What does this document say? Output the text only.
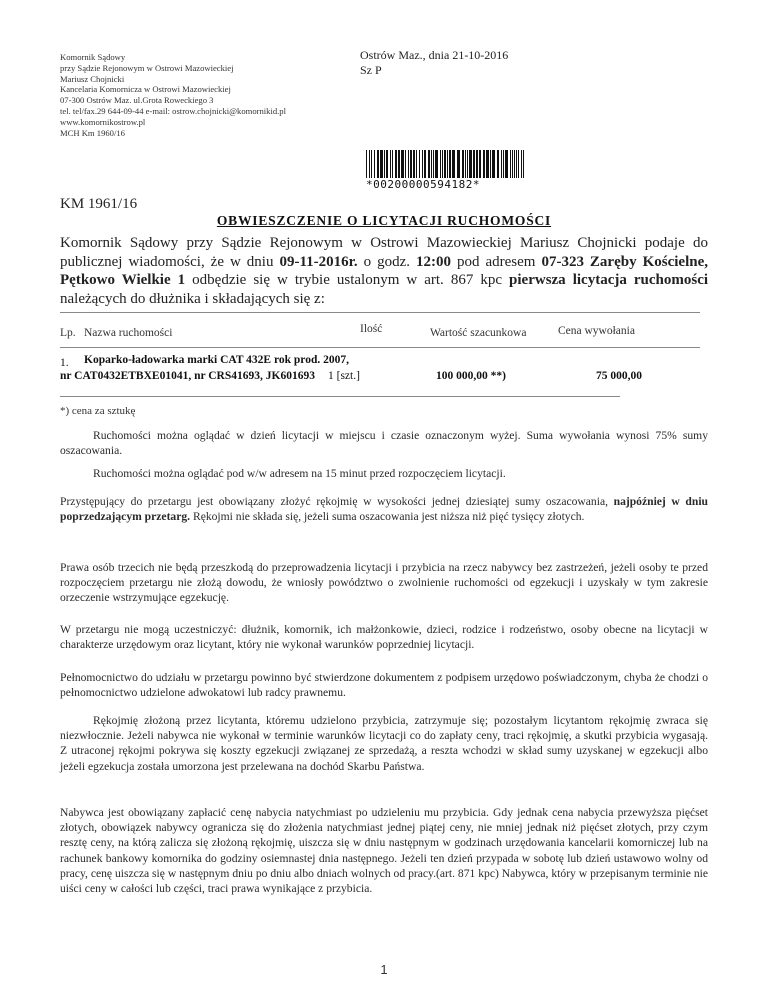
Komornik Sądowy
przy Sądzie Rejonowym w Ostrowi Mazowieckiej
Mariusz Chojnicki
Kancelaria Komornicza w Ostrowi Mazowieckiej
07-300 Ostrów Maz. ul.Grota Roweckiego 3
tel. tel/fax.29 644-09-44 e-mail: ostrow.chojnicki@komornikid.pl
www.komornikostrow.pl
MCH Km 1960/16
Ostrów Maz., dnia 21-10-2016
Sz P
*00200000594182*
KM 1961/16
OBWIESZCZENIE O LICYTACJI RUCHOMOŚCI
Komornik Sądowy przy Sądzie Rejonowym w Ostrowi Mazowieckiej Mariusz Chojnicki podaje do publicznej wiadomości, że w dniu 09-11-2016r. o godz. 12:00 pod adresem 07-323 Zaręby Kościelne, Pętkowo Wielkie 1 odbędzie się w trybie ustalonym w art. 867 kpc pierwsza licytacja ruchomości należących do dłużnika i składających się z:
Lp. Nazwa ruchomości	Ilość	Wartość szacunkowa	Cena wywołania
1. Koparko-ładowarka marki CAT 432E rok prod. 2007,
nr CAT0432ETBXE01041, nr CRS41693, JK601693 1 [szt.]	100 000,00 **)	75 000,00
*) cena za sztukę
Ruchomości można oglądać w dzień licytacji w miejscu i czasie oznaczonym wyżej. Suma wywołania wynosi 75% sumy oszacowania.
Ruchomości można oglądać pod w/w adresem na 15 minut przed rozpoczęciem licytacji.
Przystępujący do przetargu jest obowiązany złożyć rękojmię w wysokości jednej dziesiątej sumy oszacowania, najpóźniej w dniu poprzedzającym przetarg. Rękojmi nie składa się, jeżeli suma oszacowania jest niższa niż pięć tysięcy złotych.
Prawa osób trzecich nie będą przeszkodą do przeprowadzenia licytacji i przybicia na rzecz nabywcy bez zastrzeżeń, jeżeli osoby te przed rozpoczęciem przetargu nie złożą dowodu, że wniosły powództwo o zwolnienie ruchomości od egzekucji i uzyskały w tym zakresie orzeczenie wstrzymujące egzekucję.
W przetargu nie mogą uczestniczyć: dłużnik, komornik, ich małżonkowie, dzieci, rodzice i rodzeństwo, osoby obecne na licytacji w charakterze urzędowym oraz licytant, który nie wykonał warunków poprzedniej licytacji.
Pełnomocnictwo do udziału w przetargu powinno być stwierdzone dokumentem z podpisem urzędowo poświadczonym, chyba że chodzi o pełnomocnictwo udzielone adwokatowi lub radcy prawnemu.
Rękojmię złożoną przez licytanta, któremu udzielono przybicia, zatrzymuje się; pozostałym licytantom rękojmię zwraca się niezwłocznie. Jeżeli nabywca nie wykonał w terminie warunków licytacji co do zapłaty ceny, traci rękojmię, a skutki przybicia wygasają. Z utraconej rękojmi pokrywa się koszty egzekucji związanej ze sprzedażą, a reszta wchodzi w skład sumy uzyskanej w egzekucji albo jeżeli egzekucja została umorzona jest przelewana na dochód Skarbu Państwa.
Nabywca jest obowiązany zapłacić cenę nabycia natychmiast po udzieleniu mu przybicia. Gdy jednak cena nabycia przewyższa pięćset złotych, obowiązek nabywcy ogranicza się do złożenia natychmiast jednej piątej ceny, nie mniej jednak niż pięćset złotych, przy czym resztę ceny, na którą zalicza się złożoną rękojmię, uiszcza się w dniu następnym w godzinach urzędowania kancelarii komorniczej lub na rachunek bankowy komornika do godziny osiemnastej dnia następnego. Jeżeli ten dzień przypada w sobotę lub dzień ustawowo wolny od pracy, cenę uiszcza się w następnym dniu po dniu albo dniach wolnych od pracy.(art. 871 kpc) Nabywca, który w przepisanym terminie nie uiści ceny w całości lub części, traci prawa wynikające z przybicia.
1
